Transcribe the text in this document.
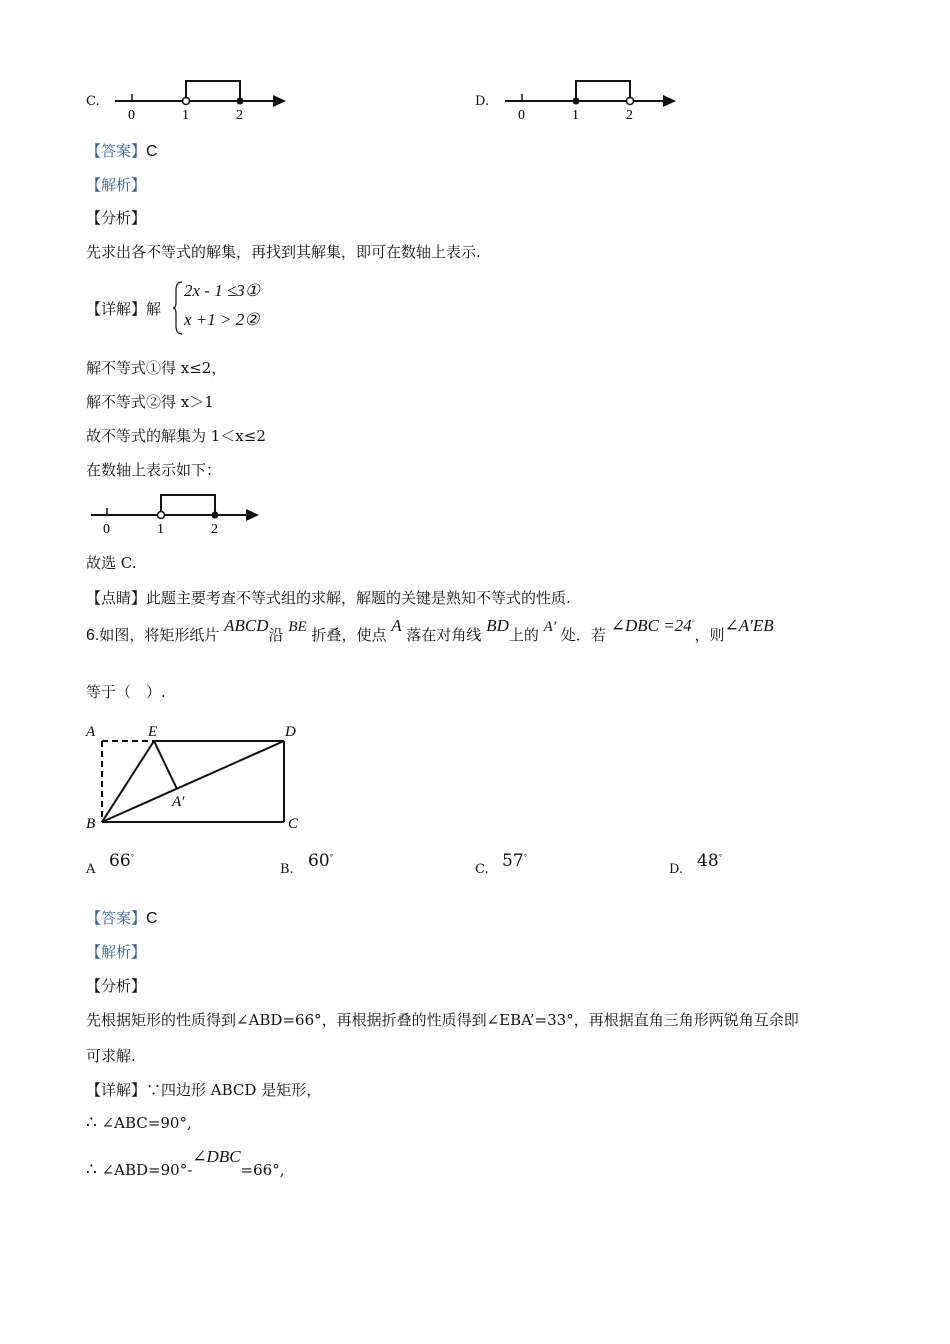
C.
0	1	2
D.
0	1	2
【答案】C
【解析】
【分析】
先求出各不等式的解集，再找到其解集，即可在数轴上表示.
【详解】解
2x - 1 ≤3①
x +1 > 2②
解不等式①得 x≤2，
解不等式②得 x＞1
故不等式的解集为 1＜x≤2
在数轴上表示如下：
0	1	2
故选 C.
【点睛】此题主要考查不等式组的求解，解题的关键是熟知不等式的性质.
6.如图，将矩形纸片 ABCD沿 BE 折叠，使点 A 落在对角线 BD上的 A′ 处．若 ∠DBC =24°，则∠A′EB
等于（　）.
A	E	D
A′
B	C
A 66°
B. 60°
C. 57°
D. 48°
【答案】C
【解析】
【分析】
先根据矩形的性质得到∠ABD=66°，再根据折叠的性质得到∠EBA’=33°，再根据直角三角形两锐角互余即
可求解.
【详解】∵四边形 ABCD 是矩形，
∴ ∠ABC=90°,
∴ ∠ABD=90°-∠DBC=66°,
